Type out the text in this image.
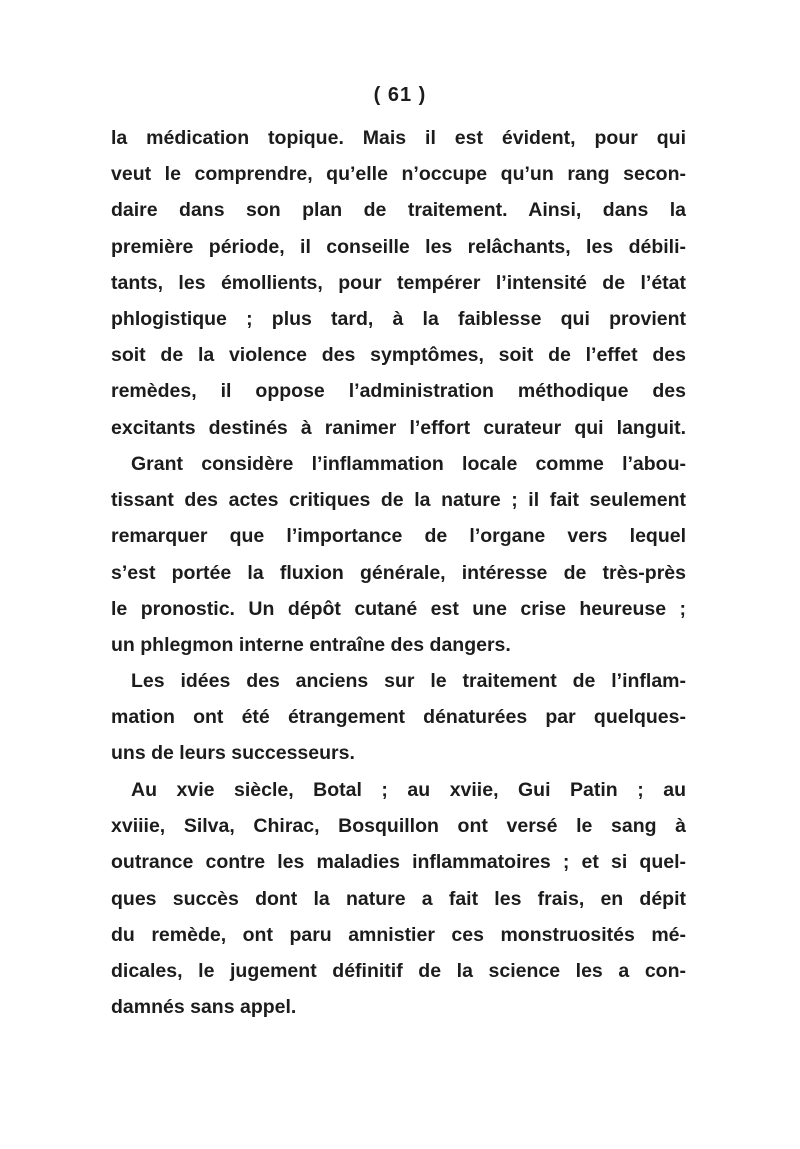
( 61 )
la médication topique. Mais il est évident, pour qui
veut le comprendre, qu’elle n’occupe qu’un rang secon-
daire dans son plan de traitement. Ainsi, dans la
première période, il conseille les relâchants, les débili-
tants, les émollients, pour tempérer l’intensité de l’état
phlogistique ; plus tard, à la faiblesse qui provient
soit de la violence des symptômes, soit de l’effet des
remèdes, il oppose l’administration méthodique des
excitants destinés à ranimer l’effort curateur qui languit.
Grant considère l’inflammation locale comme l’abou-
tissant des actes critiques de la nature ; il fait seulement
remarquer que l’importance de l’organe vers lequel
s’est portée la fluxion générale, intéresse de très-près
le pronostic. Un dépôt cutané est une crise heureuse ;
un phlegmon interne entraîne des dangers.
Les idées des anciens sur le traitement de l’inflam-
mation ont été étrangement dénaturées par quelques-
uns de leurs successeurs.
Au xvie siècle, Botal ; au xviie, Gui Patin ; au
xviiie, Silva, Chirac, Bosquillon ont versé le sang à
outrance contre les maladies inflammatoires ; et si quel-
ques succès dont la nature a fait les frais, en dépit
du remède, ont paru amnistier ces monstruosités mé-
dicales, le jugement définitif de la science les a con-
damnés sans appel.
